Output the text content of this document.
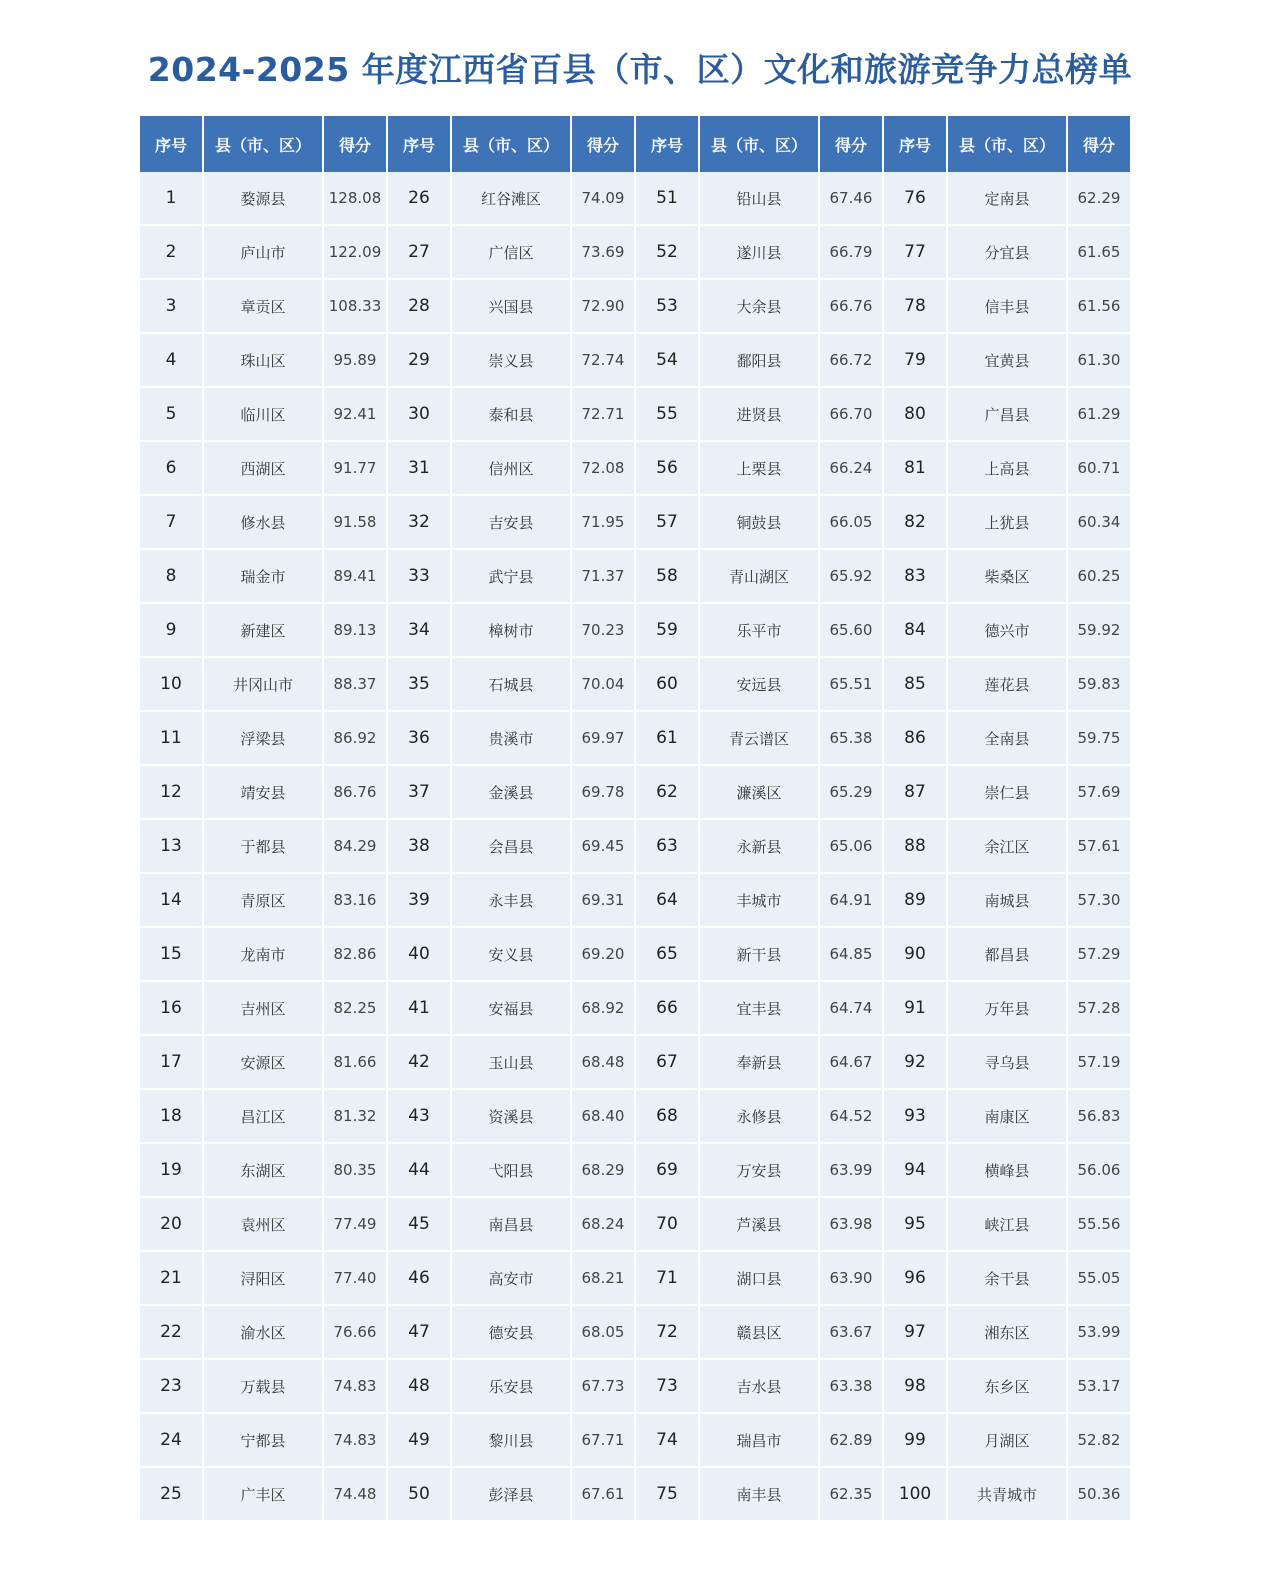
2024-2025 年度江西省百县（市、区）文化和旅游竞争力总榜单
序号	县（市、区）	得分	序号	县（市、区）	得分	序号	县（市、区）	得分	序号	县（市、区）	得分
1	婺源县	128.08	26	红谷滩区	74.09	51	铅山县	67.46	76	定南县	62.29
2	庐山市	122.09	27	广信区	73.69	52	遂川县	66.79	77	分宜县	61.65
3	章贡区	108.33	28	兴国县	72.90	53	大余县	66.76	78	信丰县	61.56
4	珠山区	95.89	29	崇义县	72.74	54	鄱阳县	66.72	79	宜黄县	61.30
5	临川区	92.41	30	泰和县	72.71	55	进贤县	66.70	80	广昌县	61.29
6	西湖区	91.77	31	信州区	72.08	56	上栗县	66.24	81	上高县	60.71
7	修水县	91.58	32	吉安县	71.95	57	铜鼓县	66.05	82	上犹县	60.34
8	瑞金市	89.41	33	武宁县	71.37	58	青山湖区	65.92	83	柴桑区	60.25
9	新建区	89.13	34	樟树市	70.23	59	乐平市	65.60	84	德兴市	59.92
10	井冈山市	88.37	35	石城县	70.04	60	安远县	65.51	85	莲花县	59.83
11	浮梁县	86.92	36	贵溪市	69.97	61	青云谱区	65.38	86	全南县	59.75
12	靖安县	86.76	37	金溪县	69.78	62	濂溪区	65.29	87	崇仁县	57.69
13	于都县	84.29	38	会昌县	69.45	63	永新县	65.06	88	余江区	57.61
14	青原区	83.16	39	永丰县	69.31	64	丰城市	64.91	89	南城县	57.30
15	龙南市	82.86	40	安义县	69.20	65	新干县	64.85	90	都昌县	57.29
16	吉州区	82.25	41	安福县	68.92	66	宜丰县	64.74	91	万年县	57.28
17	安源区	81.66	42	玉山县	68.48	67	奉新县	64.67	92	寻乌县	57.19
18	昌江区	81.32	43	资溪县	68.40	68	永修县	64.52	93	南康区	56.83
19	东湖区	80.35	44	弋阳县	68.29	69	万安县	63.99	94	横峰县	56.06
20	袁州区	77.49	45	南昌县	68.24	70	芦溪县	63.98	95	峡江县	55.56
21	浔阳区	77.40	46	高安市	68.21	71	湖口县	63.90	96	余干县	55.05
22	渝水区	76.66	47	德安县	68.05	72	赣县区	63.67	97	湘东区	53.99
23	万载县	74.83	48	乐安县	67.73	73	吉水县	63.38	98	东乡区	53.17
24	宁都县	74.83	49	黎川县	67.71	74	瑞昌市	62.89	99	月湖区	52.82
25	广丰区	74.48	50	彭泽县	67.61	75	南丰县	62.35	100	共青城市	50.36
